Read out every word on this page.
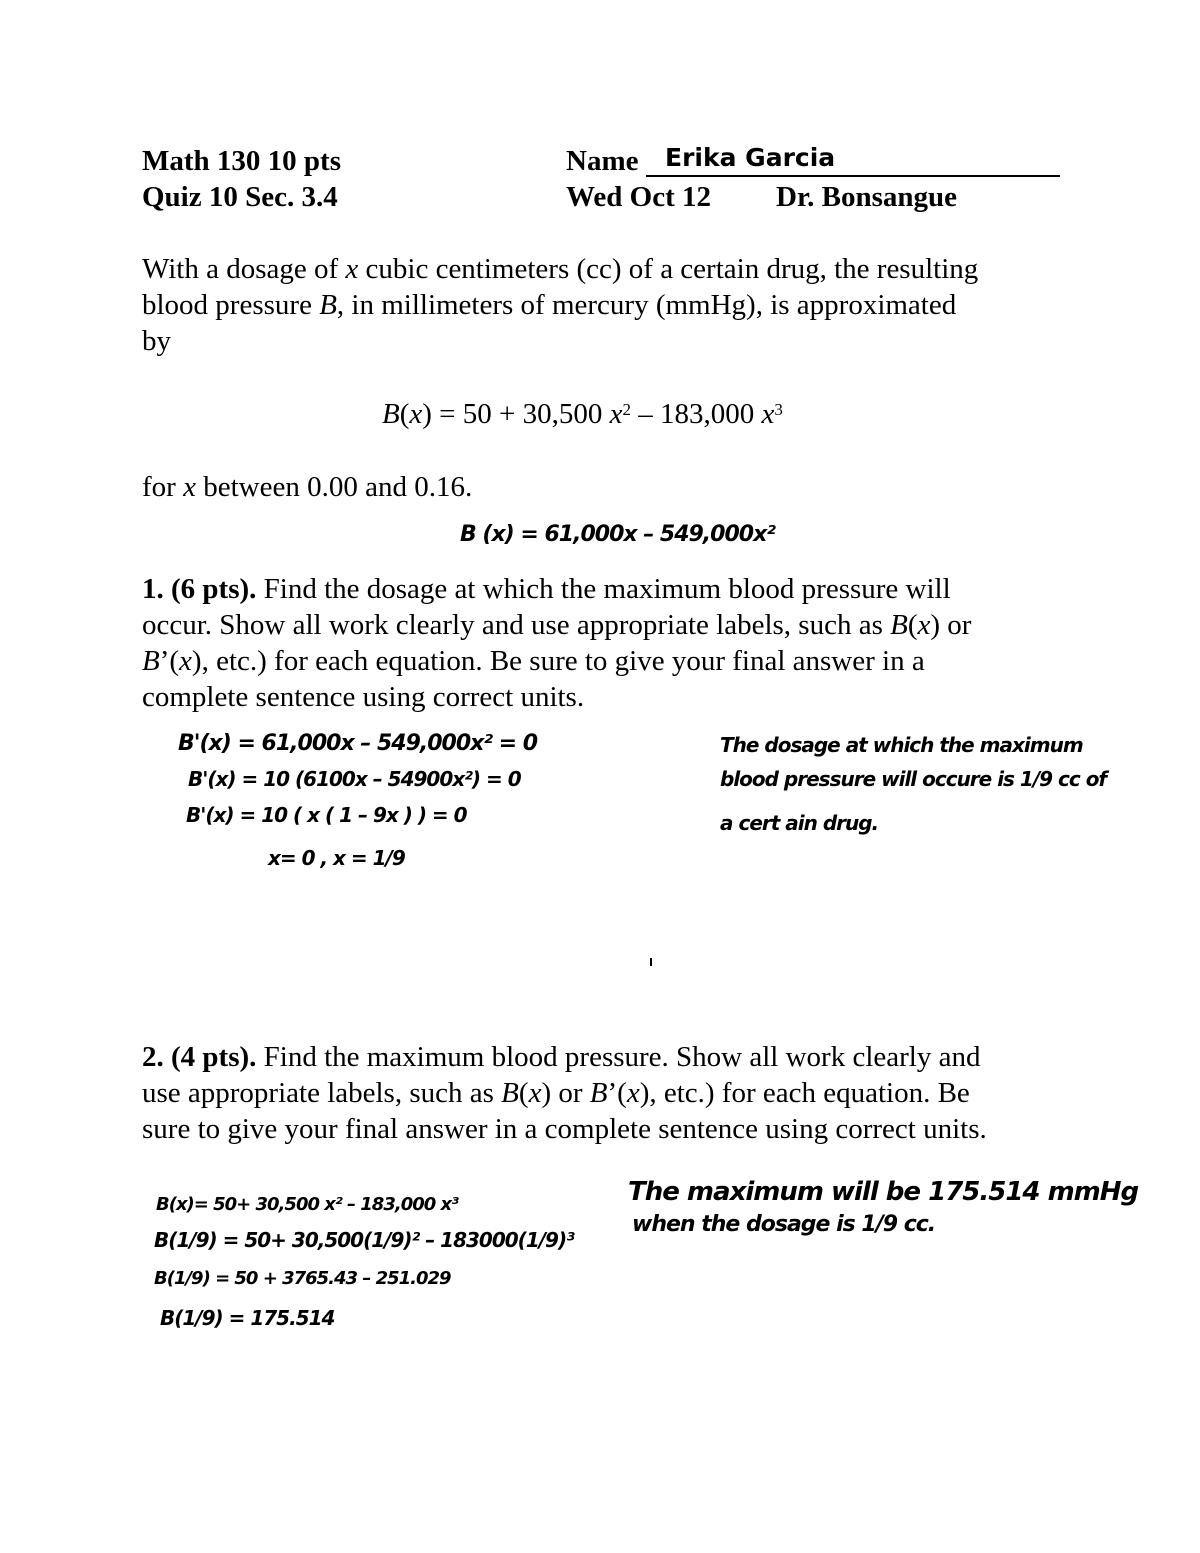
Math 130 10 pts
Quiz 10 Sec. 3.4
Name Erika Garcia
Wed Oct 12 Dr. Bonsangue
With a dosage of x cubic centimeters (cc) of a certain drug, the resulting
blood pressure B, in millimeters of mercury (mmHg), is approximated
by
B(x) = 50 + 30,500 $x^2 - 183,000$ $x^3$
for x between 0.00 and 0.16.
B (x) = 61,000x – 549,000x²
1. (6 pts). Find the dosage at which the maximum blood pressure will
occur. Show all work clearly and use appropriate labels, such as B(x) or
B’(x), etc.) for each equation. Be sure to give your final answer in a
complete sentence using correct units.
B'(x) = 61,000x – 549,000x² = 0
B'(x) = 10 (6100x – 54900x²) = 0
B'(x) = 10 ( x ( 1 – 9x ) ) = 0
x= 0 , x = 1/9
The dosage at which the maximum
blood pressure will occure is 1/9 cc of
a cert ain drug.
2. (4 pts). Find the maximum blood pressure. Show all work clearly and
use appropriate labels, such as B(x) or B’(x), etc.) for each equation. Be
sure to give your final answer in a complete sentence using correct units.
B(x)= 50+ 30,500 x² – 183,000 x³
B(1/9) = 50+ 30,500(1/9)² – 183000(1/9)³
B(1/9) = 50 + 3765.43 – 251.029
B(1/9) = 175.514
The maximum will be 175.514 mmHg
when the dosage is 1/9 cc.
